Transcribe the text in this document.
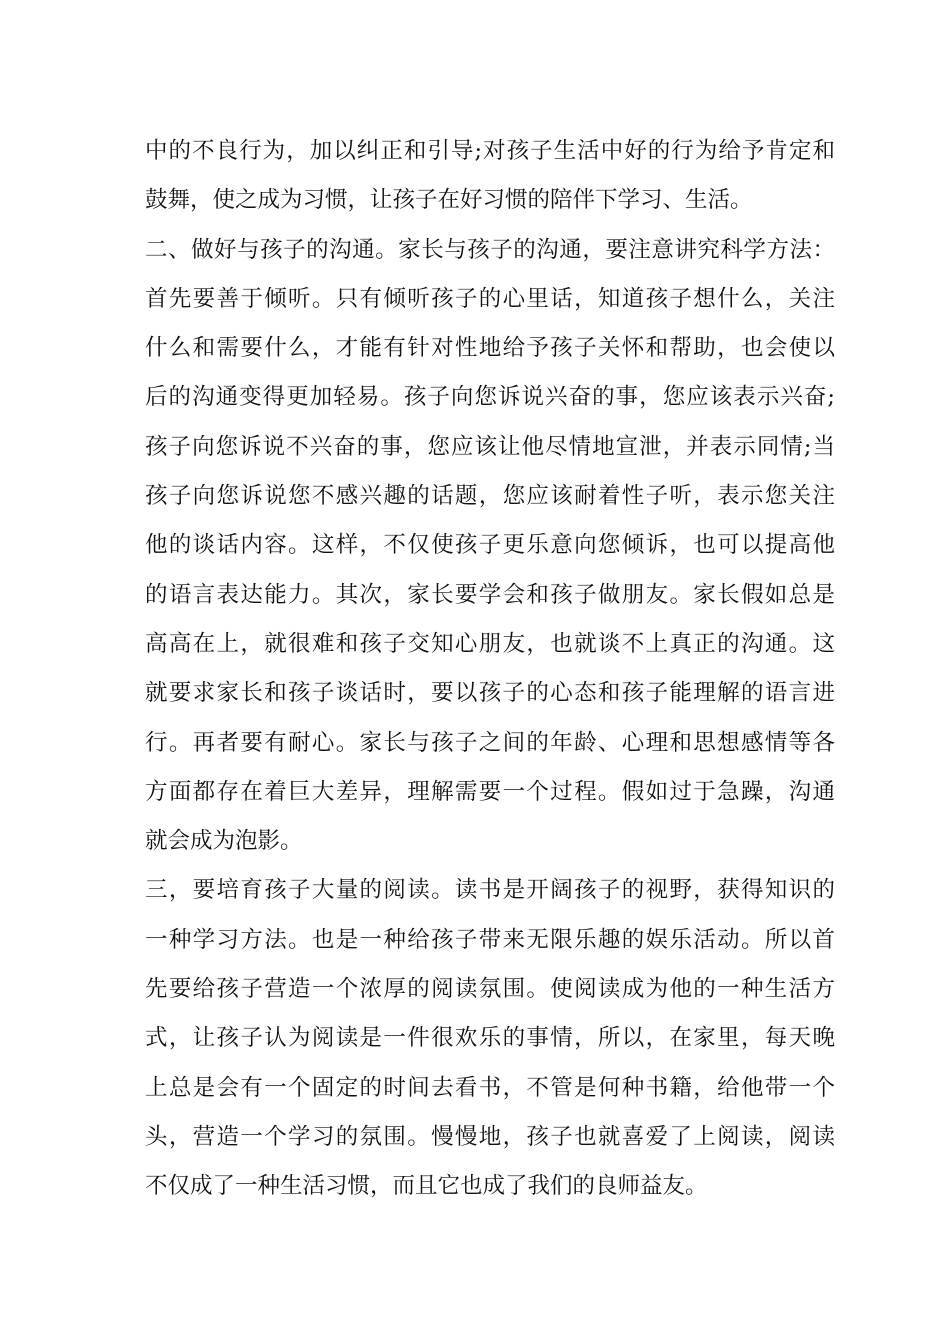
中的不良行为，加以纠正和引导;对孩子生活中好的行为给予肯定和
鼓舞，使之成为习惯，让孩子在好习惯的陪伴下学习、生活。
二、做好与孩子的沟通。家长与孩子的沟通，要注意讲究科学方法：
首先要善于倾听。只有倾听孩子的心里话，知道孩子想什么，关注
什么和需要什么，才能有针对性地给予孩子关怀和帮助，也会使以
后的沟通变得更加轻易。孩子向您诉说兴奋的事，您应该表示兴奋;
孩子向您诉说不兴奋的事，您应该让他尽情地宣泄，并表示同情;当
孩子向您诉说您不感兴趣的话题，您应该耐着性子听，表示您关注
他的谈话内容。这样，不仅使孩子更乐意向您倾诉，也可以提高他
的语言表达能力。其次，家长要学会和孩子做朋友。家长假如总是
高高在上，就很难和孩子交知心朋友，也就谈不上真正的沟通。这
就要求家长和孩子谈话时，要以孩子的心态和孩子能理解的语言进
行。再者要有耐心。家长与孩子之间的年龄、心理和思想感情等各
方面都存在着巨大差异，理解需要一个过程。假如过于急躁，沟通
就会成为泡影。
三，要培育孩子大量的阅读。读书是开阔孩子的视野，获得知识的
一种学习方法。也是一种给孩子带来无限乐趣的娱乐活动。所以首
先要给孩子营造一个浓厚的阅读氛围。使阅读成为他的一种生活方
式，让孩子认为阅读是一件很欢乐的事情，所以，在家里，每天晚
上总是会有一个固定的时间去看书，不管是何种书籍，给他带一个
头，营造一个学习的氛围。慢慢地，孩子也就喜爱了上阅读，阅读
不仅成了一种生活习惯，而且它也成了我们的良师益友。
